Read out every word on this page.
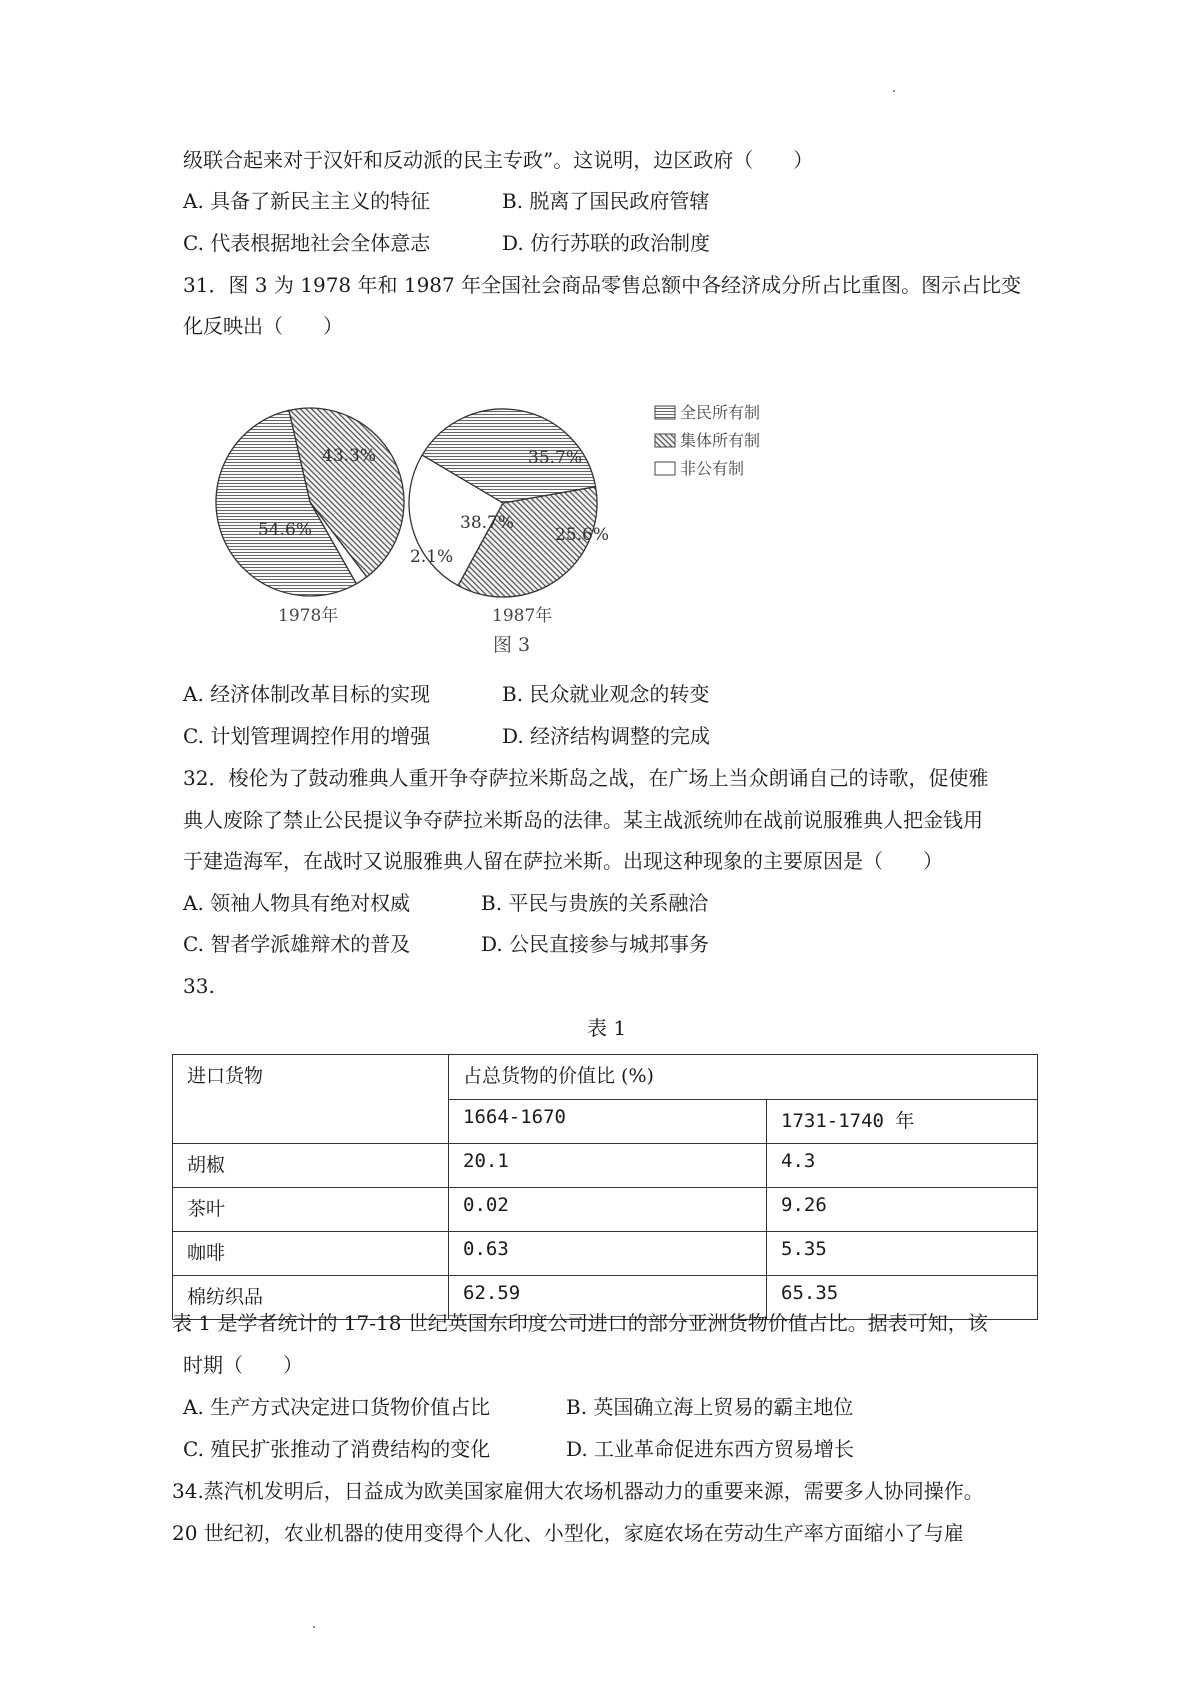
级联合起来对于汉奸和反动派的民主专政”。这说明，边区政府（　　）
A. 具备了新民主主义的特征	B. 脱离了国民政府管辖
C. 代表根据地社会全体意志	D. 仿行苏联的政治制度
31．图 3 为 1978 年和 1987 年全国社会商品零售总额中各经济成分所占比重图。图示占比变
化反映出（　　）
54.6%
43.3%
2.1%
38.7%
35.7%
25.6%
1978年	1987年
图 3
全民所有制
集体所有制
非公有制
A. 经济体制改革目标的实现	B. 民众就业观念的转变
C. 计划管理调控作用的增强	D. 经济结构调整的完成
32．梭伦为了鼓动雅典人重开争夺萨拉米斯岛之战，在广场上当众朗诵自己的诗歌，促使雅
典人废除了禁止公民提议争夺萨拉米斯岛的法律。某主战派统帅在战前说服雅典人把金钱用
于建造海军，在战时又说服雅典人留在萨拉米斯。出现这种现象的主要原因是（　　）
A. 领袖人物具有绝对权威	B. 平民与贵族的关系融洽
C. 智者学派雄辩术的普及	D. 公民直接参与城邦事务
33.
表 1
进口货物	占总货物的价值比 (%)	
	1664-1670	1731-1740 年
胡椒	20.1	4.3
茶叶	0.02	9.26
咖啡	0.63	5.35
棉纺织品	62.59	65.35
表 1 是学者统计的 17-18 世纪英国东印度公司进口的部分亚洲货物价值占比。据表可知，该
时期（　　）
A. 生产方式决定进口货物价值占比	B. 英国确立海上贸易的霸主地位
C. 殖民扩张推动了消费结构的变化	D. 工业革命促进东西方贸易增长
34.蒸汽机发明后，日益成为欧美国家雇佣大农场机器动力的重要来源，需要多人协同操作。
20 世纪初，农业机器的使用变得个人化、小型化，家庭农场在劳动生产率方面缩小了与雇
